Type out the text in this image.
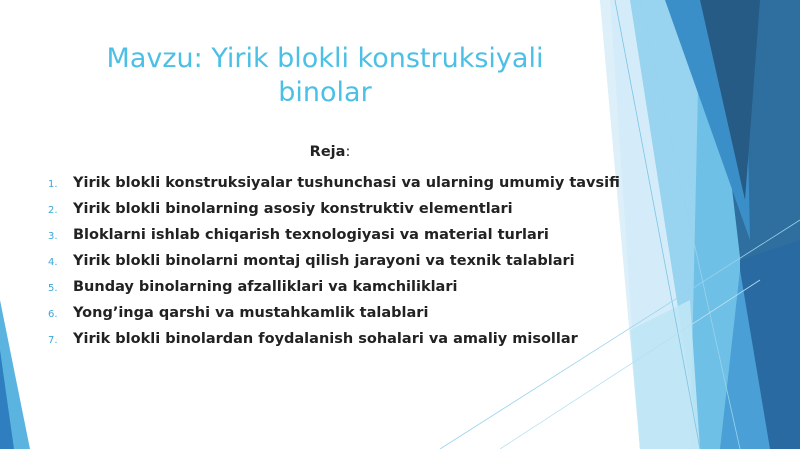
Mavzu: Yirik blokli konstruksiyali binolar
Reja:
1.	Yirik blokli konstruksiyalar tushunchasi va ularning umumiy tavsifi
2.	Yirik blokli binolarning asosiy konstruktiv elementlari
3.	Bloklarni ishlab chiqarish texnologiyasi va material turlari
4.	Yirik blokli binolarni montaj qilish jarayoni va texnik talablari
5.	Bunday binolarning afzalliklari va kamchiliklari
6.	Yong’inga qarshi va mustahkamlik talablari
7.	Yirik blokli binolardan foydalanish sohalari va amaliy misollar
